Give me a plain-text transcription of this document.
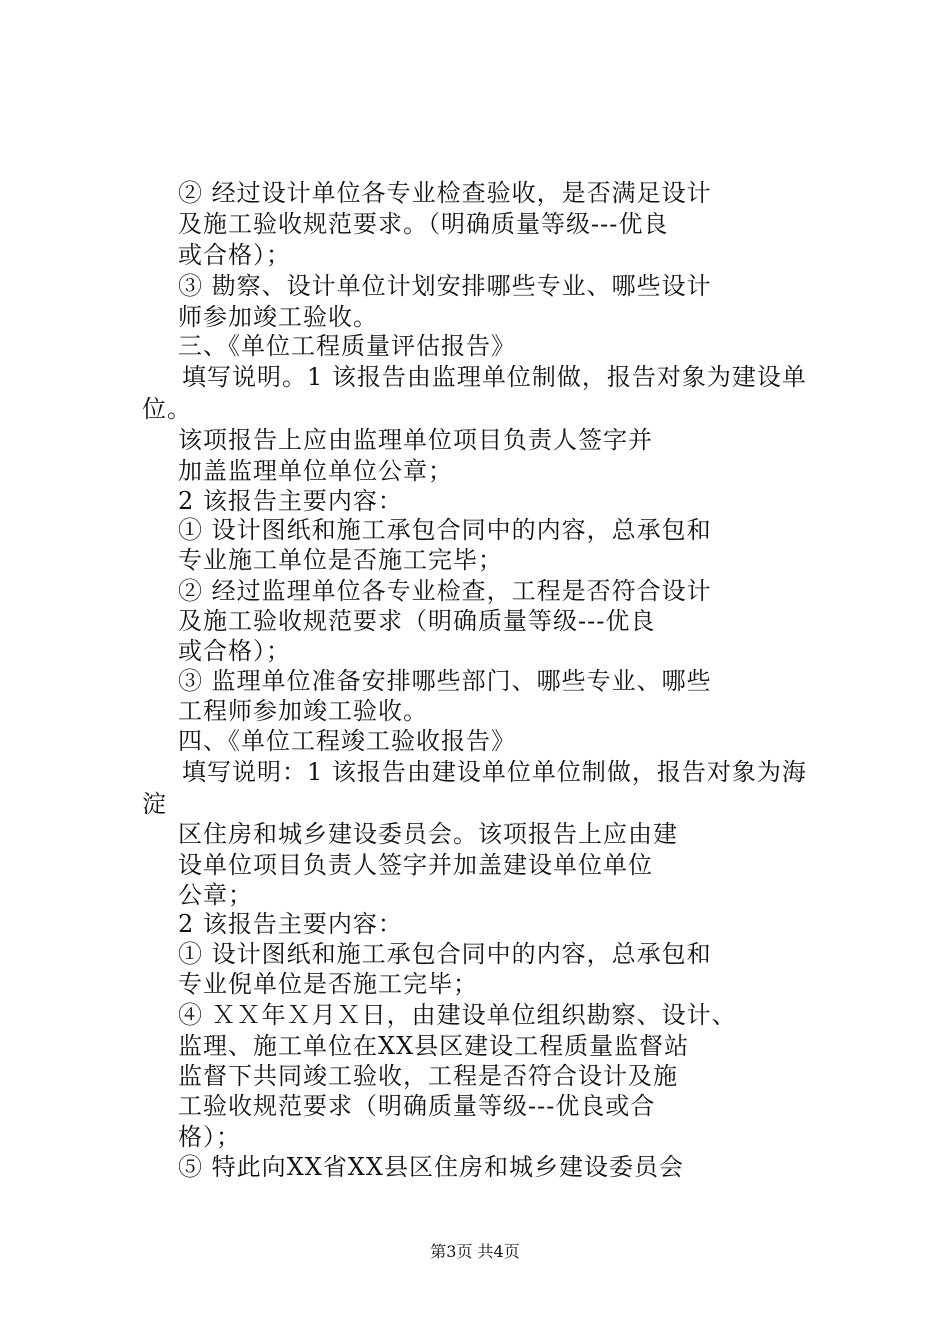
② 经过设计单位各专业检查验收，是否满足设计
及施工验收规范要求。（明确质量等级---优良
或合格）；
③ 勘察、设计单位计划安排哪些专业、哪些设计
师参加竣工验收。
三、《单位工程质量评估报告》
填写说明。1 该报告由监理单位制做，报告对象为建设单
位。
该项报告上应由监理单位项目负责人签字并
加盖监理单位单位公章；
2 该报告主要内容：
① 设计图纸和施工承包合同中的内容，总承包和
专业施工单位是否施工完毕；
② 经过监理单位各专业检查，工程是否符合设计
及施工验收规范要求（明确质量等级---优良
或合格）；
③ 监理单位准备安排哪些部门、哪些专业、哪些
工程师参加竣工验收。
四、《单位工程竣工验收报告》
填写说明：1 该报告由建设单位单位制做，报告对象为海
淀
区住房和城乡建设委员会。该项报告上应由建
设单位项目负责人签字并加盖建设单位单位
公章；
2 该报告主要内容：
① 设计图纸和施工承包合同中的内容，总承包和
专业倪单位是否施工完毕；
④ ＸＸ年Ｘ月Ｘ日，由建设单位组织勘察、设计、
监理、施工单位在XX县区建设工程质量监督站
监督下共同竣工验收，工程是否符合设计及施
工验收规范要求（明确质量等级---优良或合
格）；
⑤ 特此向XX省XX县区住房和城乡建设委员会
第3页 共4页
